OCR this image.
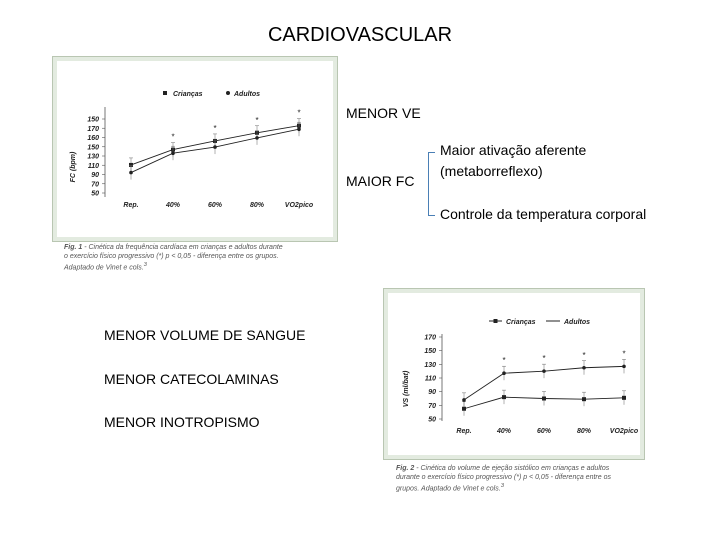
CARDIOVASCULAR
Crianças	Adultos
FC (bpm)
150
170
160
150
130
110
90
70
50
Rep.	40%	60%	80%	VO2pico
*
*
*
*
Fig. 1 - Cinética da frequência cardíaca em crianças e adultos durante
o exercício físico progressivo (*) p < 0,05 - diferença entre os grupos.
Adaptado de Vinet e cols.$^3$
MENOR VE
MAIOR FC
Maior ativação aferente
(metaborreflexo)
Controle da temperatura corporal
MENOR VOLUME DE SANGUE
MENOR CATECOLAMINAS
MENOR INOTROPISMO
Crianças	Adultos
VS (ml/bat)
170
150
130
110
90
70
50
Rep.	40%	60%	80%	VO2pico
*	*	*	*
Fig. 2 - Cinética do volume de ejeção sistólico em crianças e adultos
durante o exercício físico progressivo (*) p < 0,05 - diferença entre os
grupos. Adaptado de Vinet e cols.$^3$
